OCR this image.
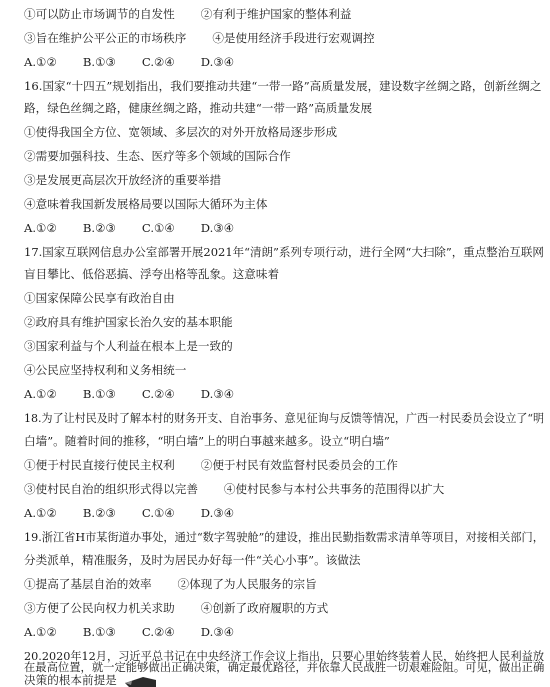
①可以防止市场调节的自发性 ②有利于维护国家的整体利益
③旨在维护公平公正的市场秩序 ④是使用经济手段进行宏观调控
A.①② B.①③ C.②④ D.③④
16.国家“十四五”规划指出，我们要推动共建“一带一路”高质量发展，建设数字丝绸之路，创新丝绸之
路，绿色丝绸之路，健康丝绸之路，推动共建“一带一路”高质量发展
①使得我国全方位、宽领域、多层次的对外开放格局逐步形成
②需要加强科技、生态、医疗等多个领域的国际合作
③是发展更高层次开放经济的重要举措
④意味着我国新发展格局要以国际大循环为主体
A.①② B.②③ C.①④ D.③④
17.国家互联网信息办公室部署开展2021年“清朗”系列专项行动，进行全网“大扫除”，重点整治互联网
盲目攀比、低俗恶搞、浮夸出格等乱象。这意味着
①国家保障公民享有政治自由
②政府具有维护国家长治久安的基本职能
③国家利益与个人利益在根本上是一致的
④公民应坚持权利和义务相统一
A.①② B.①③ C.②④ D.③④
18.为了让村民及时了解本村的财务开支、自治事务、意见征询与反馈等情况，广西一村民委员会设立了“明
白墙”。随着时间的推移，“明白墙”上的明白事越来越多。设立“明白墙”
①便于村民直接行使民主权利 ②便于村民有效监督村民委员会的工作
③使村民自治的组织形式得以完善 ④使村民参与本村公共事务的范围得以扩大
A.①② B.②③ C.①④ D.③④
19.浙江省H市某街道办事处，通过“数字驾驶舱”的建设，推出民勤指数需求清单等项目，对接相关部门，
分类派单，精准服务，及时为居民办好每一件“关心小事”。该做法
①提高了基层自治的效率 ②体现了为人民服务的宗旨
③方便了公民向权力机关求助 ④创新了政府履职的方式
A.①② B.①③ C.②④ D.③④
20.2020年12月，习近平总书记在中央经济工作会议上指出，只要心里始终装着人民，始终把人民利益放
在最高位置，就一定能够做出正确决策，确定最优路径，并依靠人民战胜一切艰难险阻。可见，做出正确
决策的根本前提是
